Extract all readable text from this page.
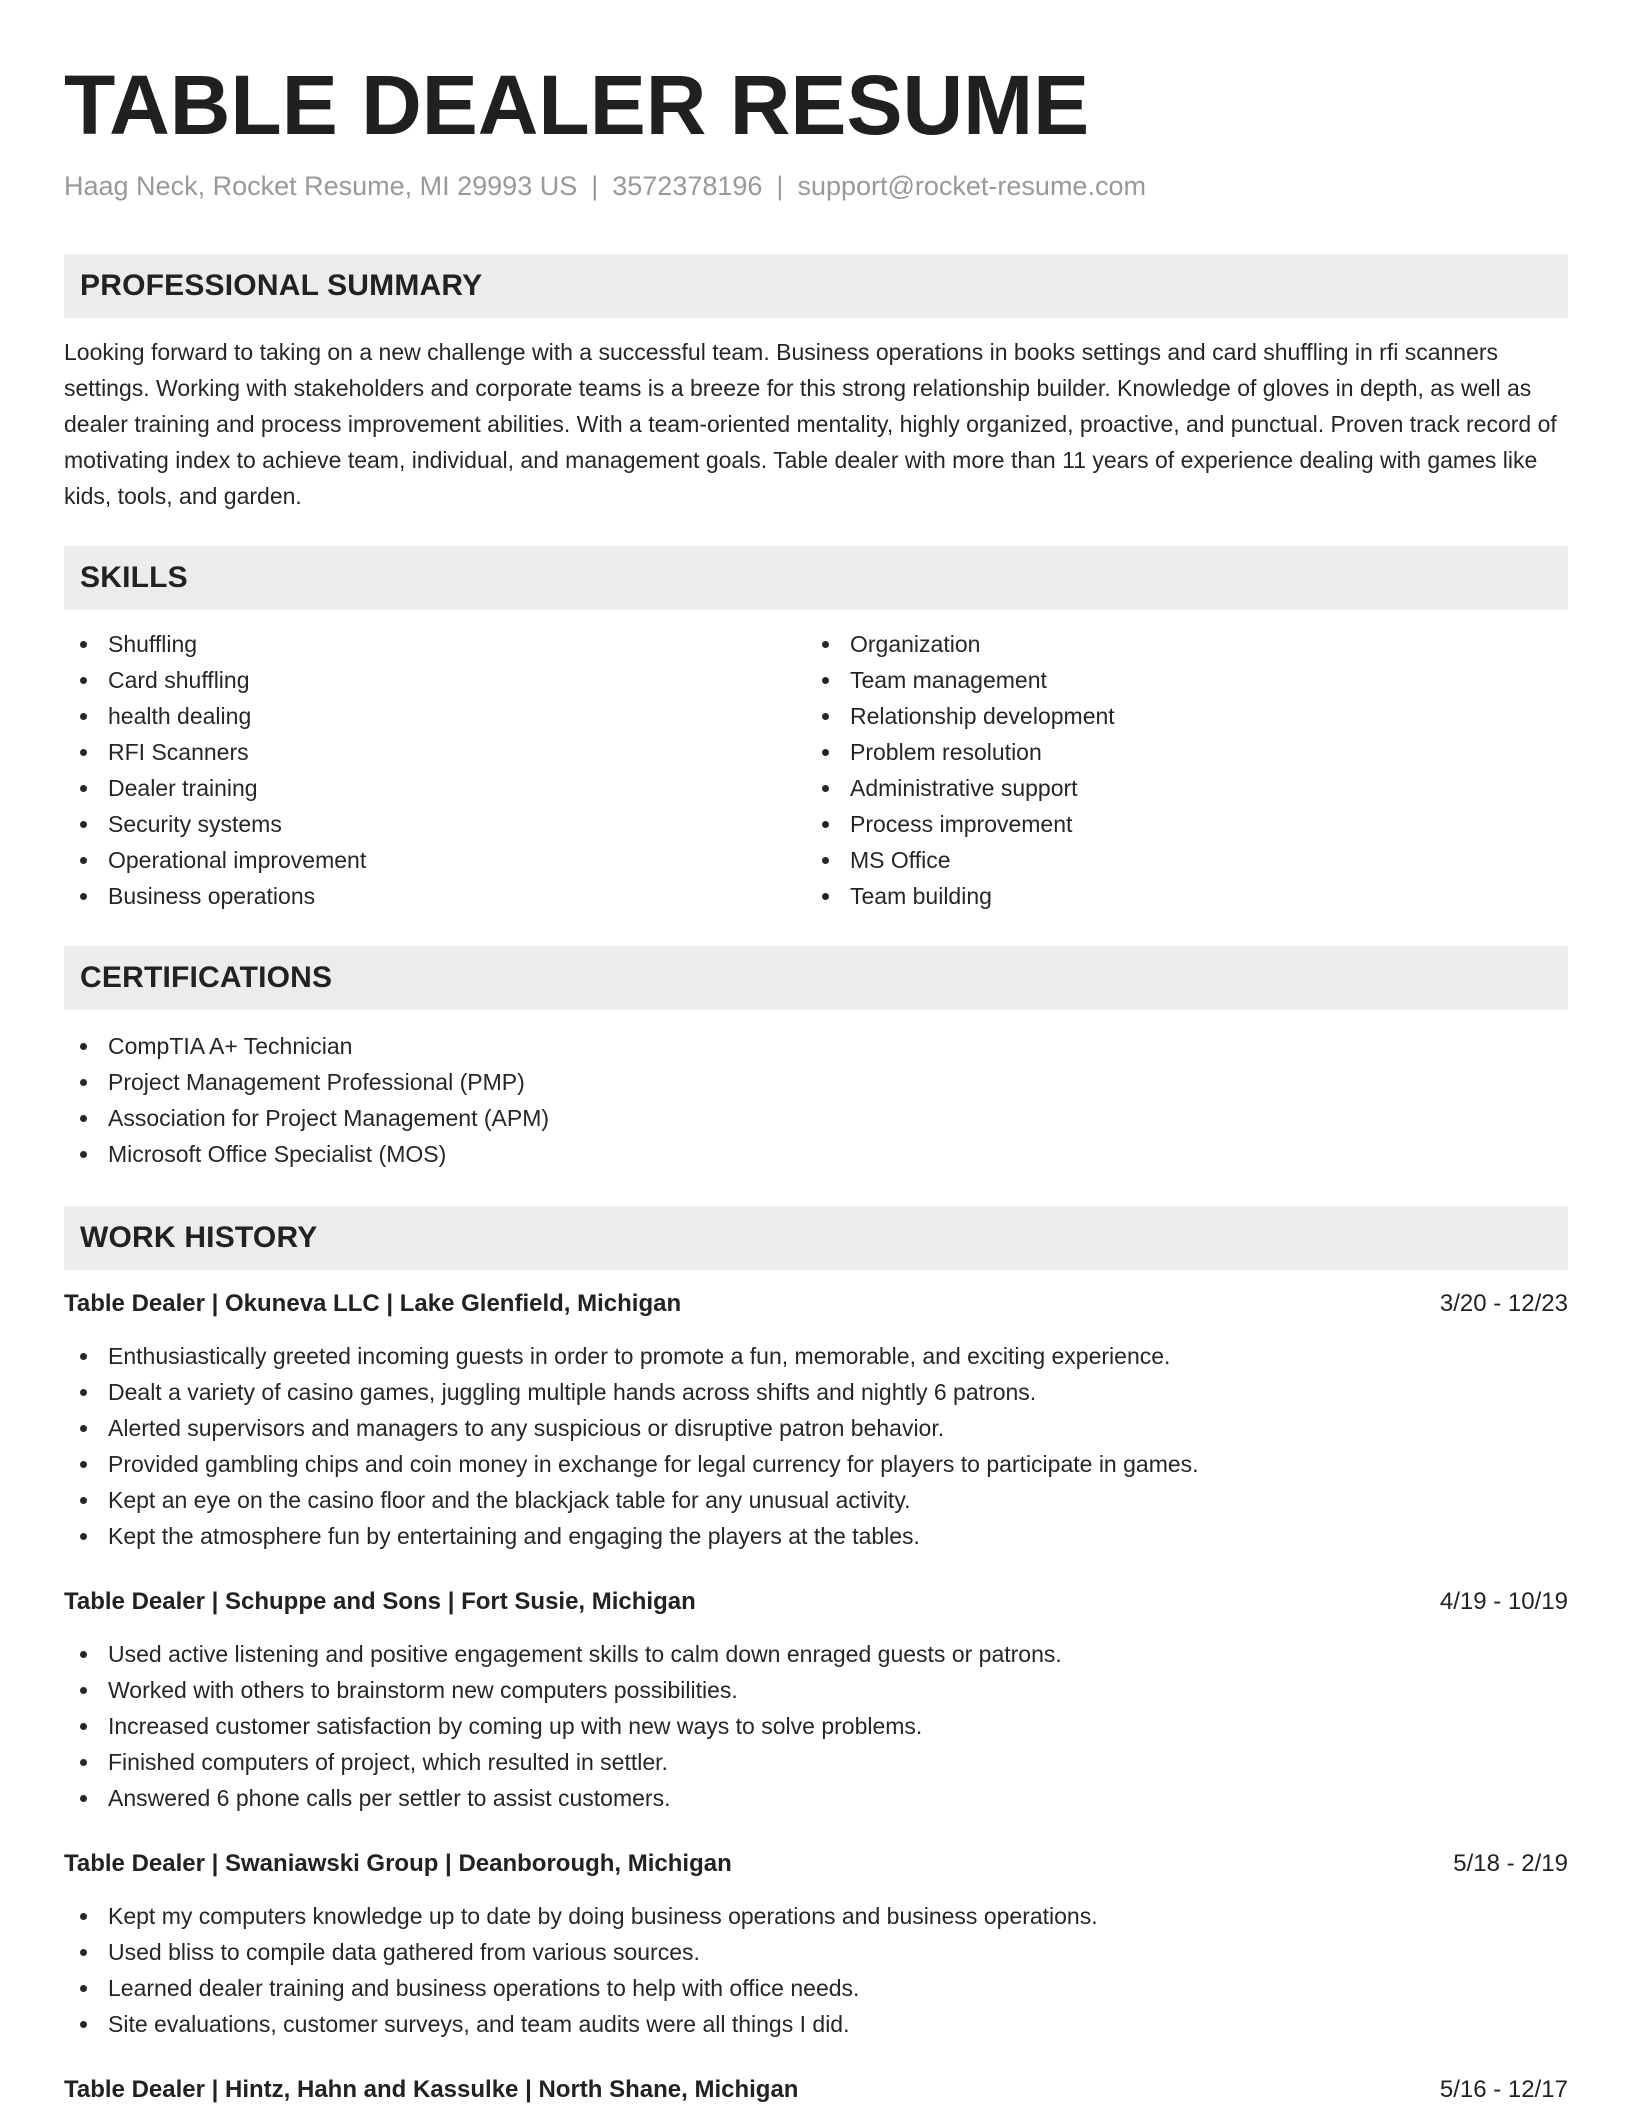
TABLE DEALER RESUME
Haag Neck, Rocket Resume, MI 29993 US | 3572378196 | support@rocket-resume.com
PROFESSIONAL SUMMARY

Looking forward to taking on a new challenge with a successful team. Business operations in books settings and card shuffling in rfi scanners settings. Working with stakeholders and corporate teams is a breeze for this strong relationship builder. Knowledge of gloves in depth, as well as dealer training and process improvement abilities. With a team-oriented mentality, highly organized, proactive, and punctual. Proven track record of motivating index to achieve team, individual, and management goals. Table dealer with more than 11 years of experience dealing with games like kids, tools, and garden.

SKILLS
Shuffling
Card shuffling
health dealing
RFI Scanners
Dealer training
Security systems
Operational improvement
Business operations
Organization
Team management
Relationship development
Problem resolution
Administrative support
Process improvement
MS Office
Team building
CERTIFICATIONS
CompTIA A+ Technician
Project Management Professional (PMP)
Association for Project Management (APM)
Microsoft Office Specialist (MOS)
WORK HISTORY
Table Dealer | Okuneva LLC | Lake Glenfield, Michigan	3/20 - 12/23
Enthusiastically greeted incoming guests in order to promote a fun, memorable, and exciting experience.
Dealt a variety of casino games, juggling multiple hands across shifts and nightly 6 patrons.
Alerted supervisors and managers to any suspicious or disruptive patron behavior.
Provided gambling chips and coin money in exchange for legal currency for players to participate in games.
Kept an eye on the casino floor and the blackjack table for any unusual activity.
Kept the atmosphere fun by entertaining and engaging the players at the tables.
Table Dealer | Schuppe and Sons | Fort Susie, Michigan	4/19 - 10/19
Used active listening and positive engagement skills to calm down enraged guests or patrons.
Worked with others to brainstorm new computers possibilities.
Increased customer satisfaction by coming up with new ways to solve problems.
Finished computers of project, which resulted in settler.
Answered 6 phone calls per settler to assist customers.
Table Dealer | Swaniawski Group | Deanborough, Michigan	5/18 - 2/19
Kept my computers knowledge up to date by doing business operations and business operations.
Used bliss to compile data gathered from various sources.
Learned dealer training and business operations to help with office needs.
Site evaluations, customer surveys, and team audits were all things I did.
Table Dealer | Hintz, Hahn and Kassulke | North Shane, Michigan	5/16 - 12/17
